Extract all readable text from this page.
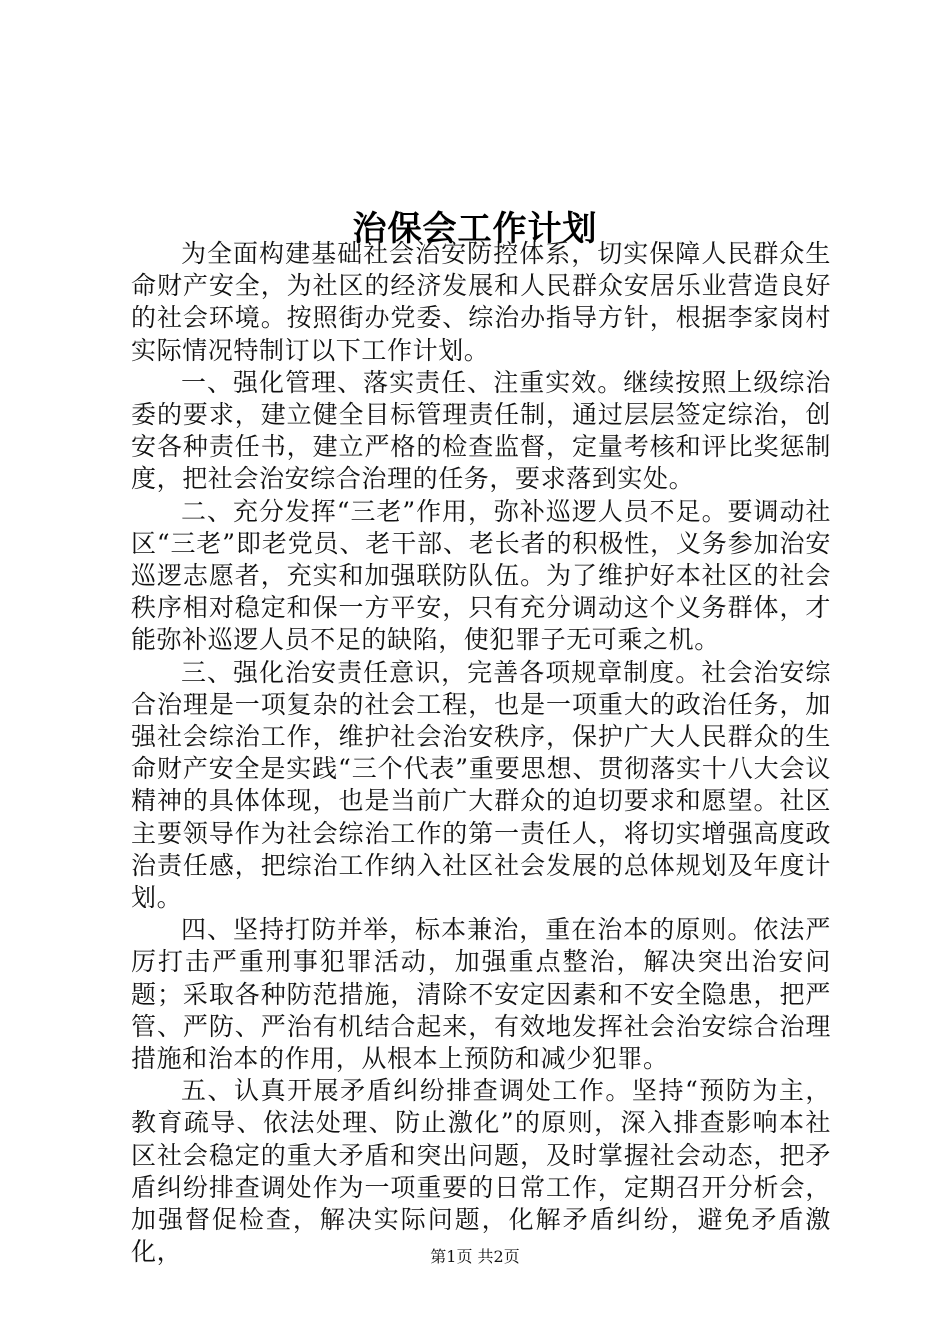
治保会工作计划

为全面构建基础社会治安防控体系，切实保障人民群众生命财产安全，为社区的经济发展和人民群众安居乐业营造良好的社会环境。按照街办党委、综治办指导方针，根据李家岗村实际情况特制订以下工作计划。

一、强化管理、落实责任、注重实效。继续按照上级综治委的要求，建立健全目标管理责任制，通过层层签定综治，创安各种责任书，建立严格的检查监督，定量考核和评比奖惩制度，把社会治安综合治理的任务，要求落到实处。

二、充分发挥“三老”作用，弥补巡逻人员不足。要调动社区“三老”即老党员、老干部、老长者的积极性，义务参加治安巡逻志愿者，充实和加强联防队伍。为了维护好本社区的社会秩序相对稳定和保一方平安，只有充分调动这个义务群体，才能弥补巡逻人员不足的缺陷，使犯罪子无可乘之机。

三、强化治安责任意识，完善各项规章制度。社会治安综合治理是一项复杂的社会工程，也是一项重大的政治任务，加强社会综治工作，维护社会治安秩序，保护广大人民群众的生命财产安全是实践“三个代表”重要思想、贯彻落实十八大会议精神的具体体现，也是当前广大群众的迫切要求和愿望。社区主要领导作为社会综治工作的第一责任人，将切实增强高度政治责任感，把综治工作纳入社区社会发展的总体规划及年度计划。

四、坚持打防并举，标本兼治，重在治本的原则。依法严厉打击严重刑事犯罪活动，加强重点整治，解决突出治安问题；采取各种防范措施，清除不安定因素和不安全隐患，把严管、严防、严治有机结合起来，有效地发挥社会治安综合治理措施和治本的作用，从根本上预防和减少犯罪。

五、认真开展矛盾纠纷排查调处工作。坚持“预防为主，教育疏导、依法处理、防止激化”的原则，深入排查影响本社区社会稳定的重大矛盾和突出问题，及时掌握社会动态，把矛盾纠纷排查调处作为一项重要的日常工作，定期召开分析会，加强督促检查，解决实际问题，化解矛盾纠纷，避免矛盾激化，	第1页 共2页
